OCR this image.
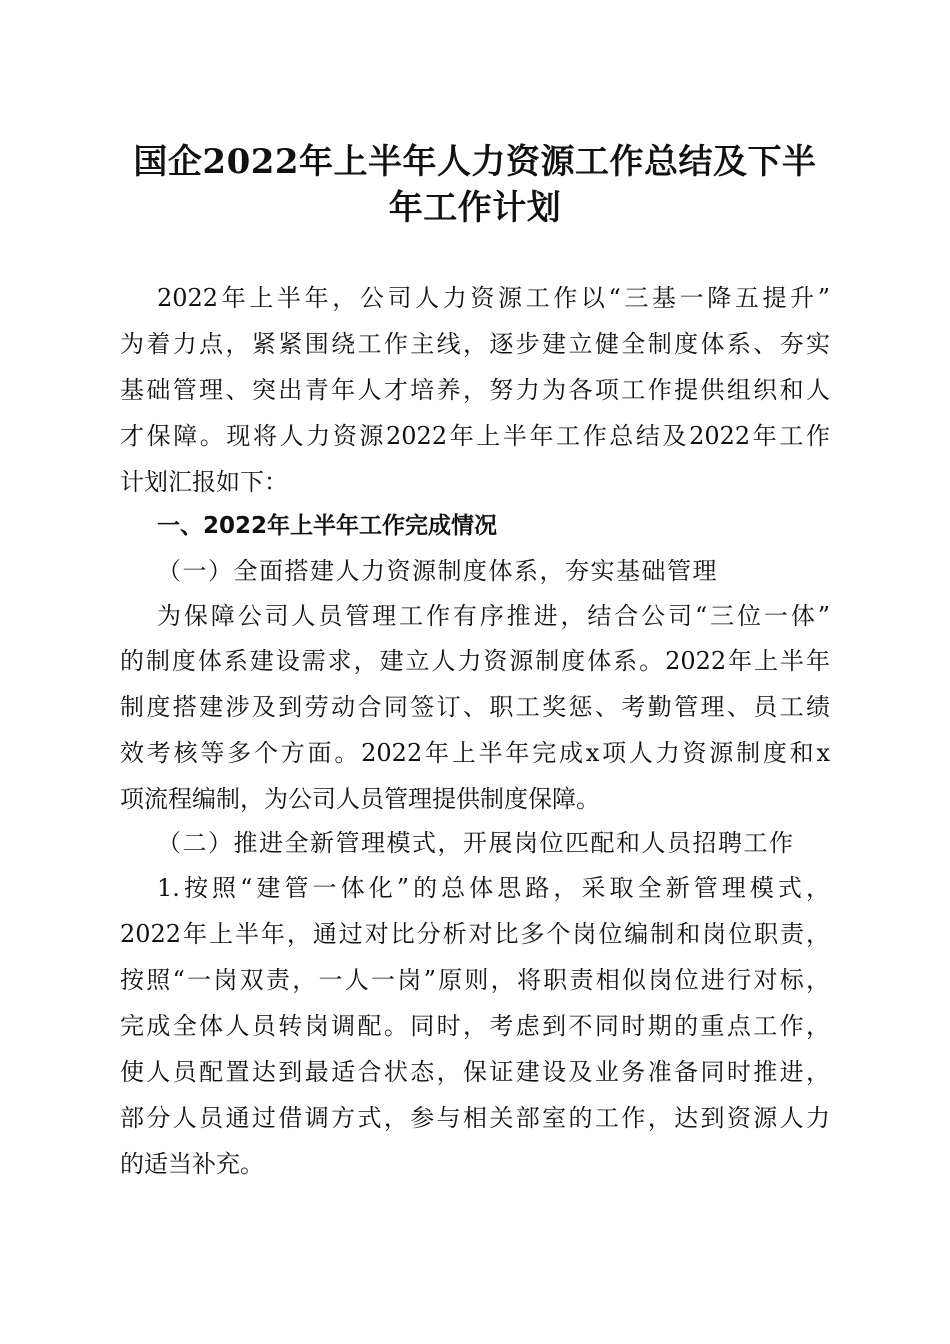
国企2022年上半年人力资源工作总结及下半
年工作计划
2022年上半年，公司人力资源工作以“三基一降五提升”
为着力点，紧紧围绕工作主线，逐步建立健全制度体系、夯实
基础管理、突出青年人才培养，努力为各项工作提供组织和人
才保障。现将人力资源2022年上半年工作总结及2022年工作
计划汇报如下：
一、2022年上半年工作完成情况
（一）全面搭建人力资源制度体系，夯实基础管理
为保障公司人员管理工作有序推进，结合公司“三位一体”
的制度体系建设需求，建立人力资源制度体系。2022年上半年
制度搭建涉及到劳动合同签订、职工奖惩、考勤管理、员工绩
效考核等多个方面。2022年上半年完成x项人力资源制度和x
项流程编制，为公司人员管理提供制度保障。
（二）推进全新管理模式，开展岗位匹配和人员招聘工作
1.按照“建管一体化”的总体思路，采取全新管理模式，
2022年上半年，通过对比分析对比多个岗位编制和岗位职责，
按照“一岗双责，一人一岗”原则，将职责相似岗位进行对标，
完成全体人员转岗调配。同时，考虑到不同时期的重点工作，
使人员配置达到最适合状态，保证建设及业务准备同时推进，
部分人员通过借调方式，参与相关部室的工作，达到资源人力
的适当补充。
